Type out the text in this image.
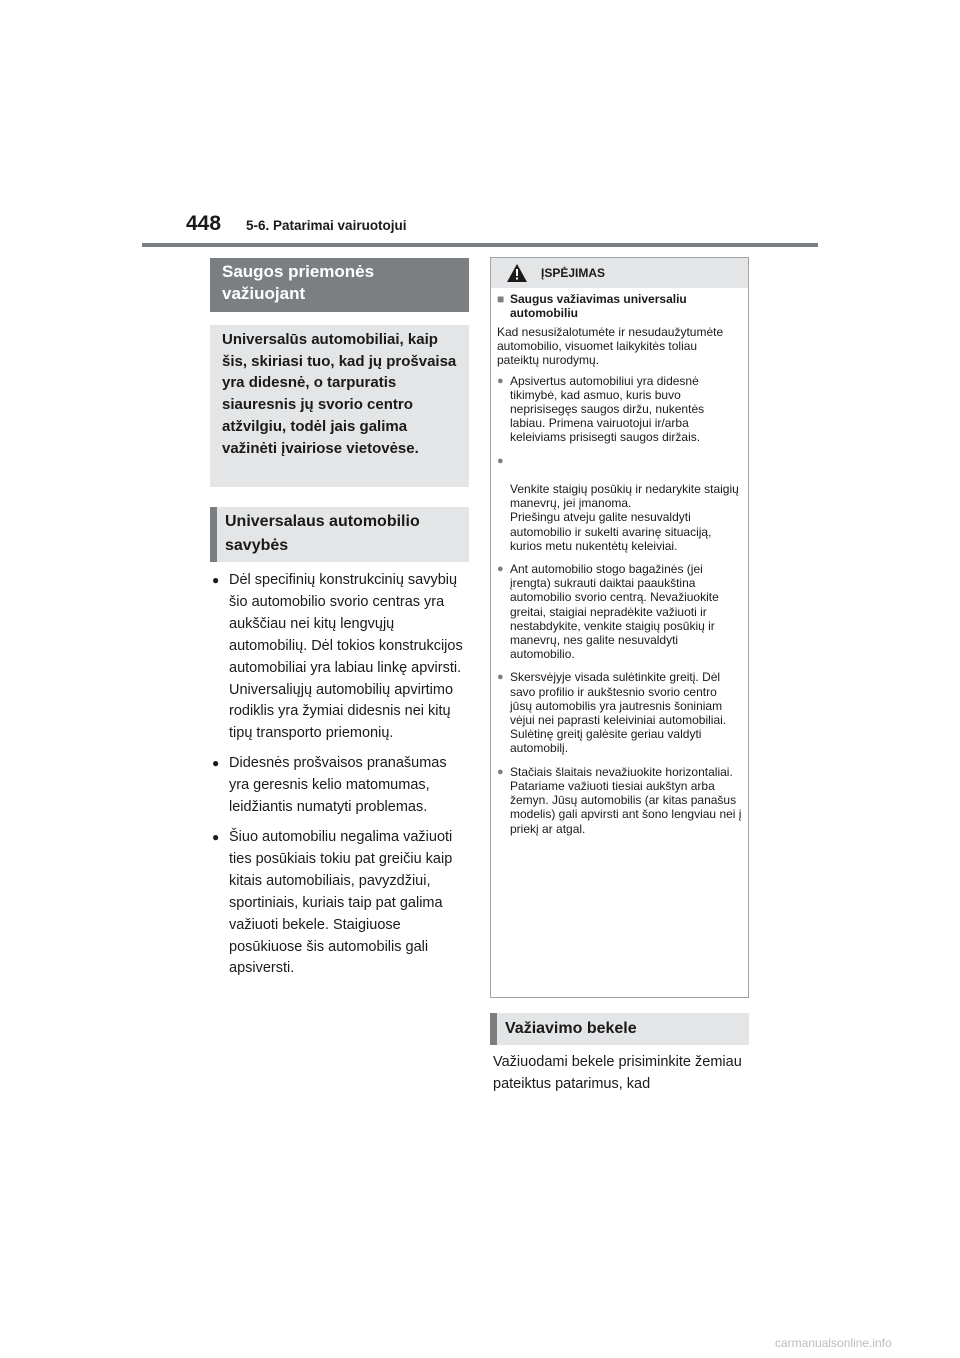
448 5-6. Patarimai vairuotojui
Saugos priemonės važiuojant
Universalūs automobiliai, kaip šis, skiriasi tuo, kad jų prošvaisa yra didesnė, o tarpuratis siauresnis jų svorio centro atžvilgiu, todėl jais galima važinėti įvairiose vietovėse.
Universalaus automobilio savybės
● Dėl specifinių konstrukcinių savybių šio automobilio svorio centras yra aukščiau nei kitų lengvųjų automobilių. Dėl tokios konstrukcijos automobiliai yra labiau linkę apvirsti. Universaliųjų automobilių apvirtimo rodiklis yra žymiai didesnis nei kitų tipų transporto priemonių.
● Didesnės prošvaisos pranašumas yra geresnis kelio matomumas, leidžiantis numatyti problemas.
● Šiuo automobiliu negalima važiuoti ties posūkiais tokiu pat greičiu kaip kitais automobiliais, pavyzdžiui, sportiniais, kuriais taip pat galima važiuoti bekele. Staigiuose posūkiuose šis automobilis gali apsiversti.
ĮSPĖJIMAS
■ Saugus važiavimas universaliu automobiliu
Kad nesusižalotumėte ir nesudaužytumėte automobilio, visuomet laikykitės toliau pateiktų nurodymų.
● Apsivertus automobiliui yra didesnė tikimybė, kad asmuo, kuris buvo neprisisegęs saugos diržu, nukentės labiau. Primena vairuotojui ir/arba keleiviams prisisegti saugos diržais.

●

Venkite staigių posūkių ir nedarykite staigių manevrų, jei įmanoma.
Priešingu atveju galite nesuvaldyti automobilio ir sukelti avarinę situaciją, kurios metu nukentėtų keleiviai.

● Ant automobilio stogo bagažinės (jei įrengta) sukrauti daiktai paaukština automobilio svorio centrą. Nevažiuokite greitai, staigiai nepradėkite važiuoti ir nestabdykite, venkite staigių posūkių ir manevrų, nes galite nesuvaldyti automobilio.
● Skersvėjyje visada sulėtinkite greitį. Dėl savo profilio ir aukštesnio svorio centro jūsų automobilis yra jautresnis šoniniam vėjui nei paprasti keleiviniai automobiliai. Sulėtinę greitį galėsite geriau valdyti automobilį.
● Stačiais šlaitais nevažiuokite horizontaliai. Patariame važiuoti tiesiai aukštyn arba žemyn. Jūsų automobilis (ar kitas panašus modelis) gali apvirsti ant šono lengviau nei į priekį ar atgal.
Važiavimo bekele
Važiuodami bekele prisiminkite žemiau pateiktus patarimus, kad
carmanualsonline.info
